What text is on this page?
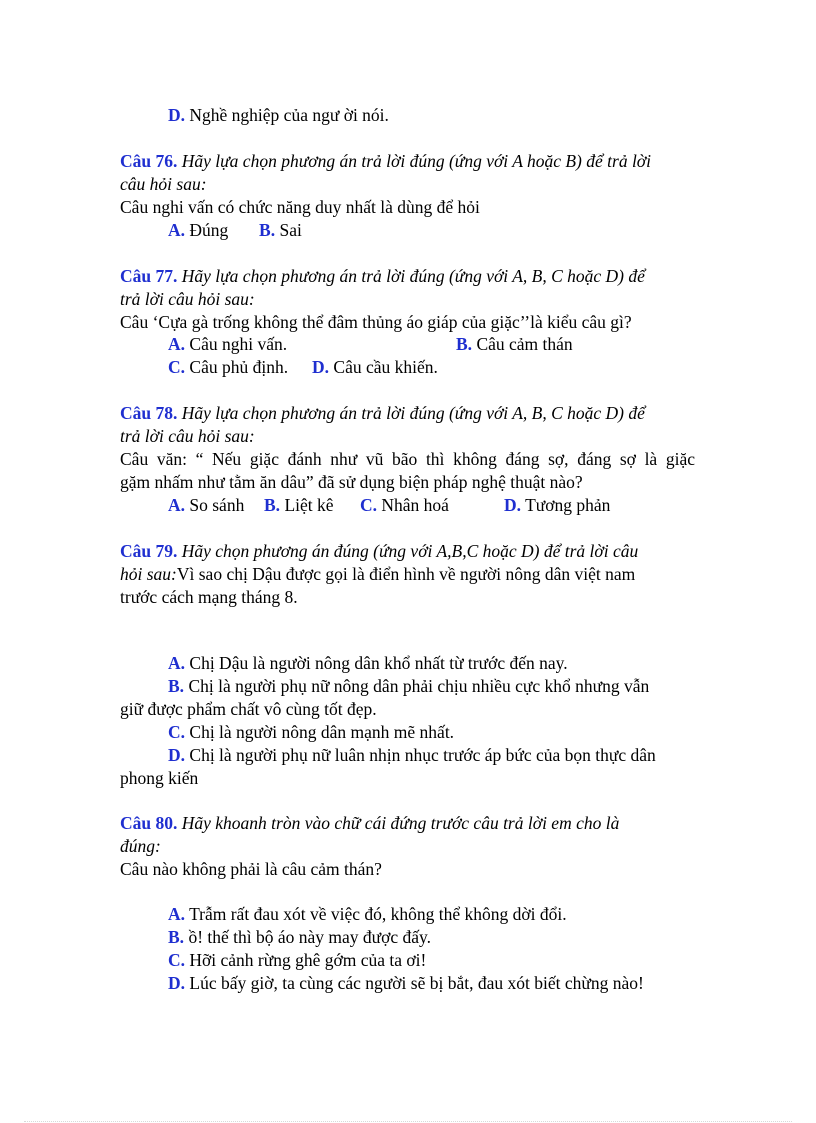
D. Nghề nghiệp của ngư ời nói.
Câu 76. Hãy lựa chọn phương án trả lời đúng (ứng với A hoặc B) để trả lời
câu hỏi sau:
Câu nghi vấn có chức năng duy nhất là dùng để hỏi
A. Đúng B. Sai
Câu 77. Hãy lựa chọn phương án trả lời đúng (ứng với A, B, C hoặc D) để
trả lời câu hỏi sau:
Câu ‘Cựa gà trống không thể đâm thủng áo giáp của giặc’’là kiểu câu gì?
A. Câu nghi vấn.	B. Câu cảm thán
C. Câu phủ định. D. Câu cầu khiến.
Câu 78. Hãy lựa chọn phương án trả lời đúng (ứng với A, B, C hoặc D) để
trả lời câu hỏi sau:
Câu văn: “ Nếu giặc đánh như vũ bão thì không đáng sợ, đáng sợ là giặc
gặm nhấm như tằm ăn dâu” đã sử dụng biện pháp nghệ thuật nào?
A. So sánh B. Liệt kê C. Nhân hoá	D. Tương phản
Câu 79. Hãy chọn phương án đúng (ứng với A,B,C hoặc D) để trả lời câu
hỏi sau:Vì sao chị Dậu được gọi là điển hình về người nông dân việt nam
trước cách mạng tháng 8.
A. Chị Dậu là người nông dân khổ nhất từ trước đến nay.
B. Chị là người phụ nữ nông dân phải chịu nhiều cực khổ nhưng vẫn
giữ được phẩm chất vô cùng tốt đẹp.
C. Chị là người nông dân mạnh mẽ nhất.
D. Chị là người phụ nữ luân nhịn nhục trước áp bức của bọn thực dân
phong kiến
Câu 80. Hãy khoanh tròn vào chữ cái đứng trước câu trả lời em cho là
đúng:
Câu nào không phải là câu cảm thán?
A. Trẫm rất đau xót về việc đó, không thể không dời đổi.
B. ồ! thế thì bộ áo này may được đấy.
C. Hỡi cảnh rừng ghê gớm của ta ơi!
D. Lúc bấy giờ, ta cùng các người sẽ bị bắt, đau xót biết chừng nào!
